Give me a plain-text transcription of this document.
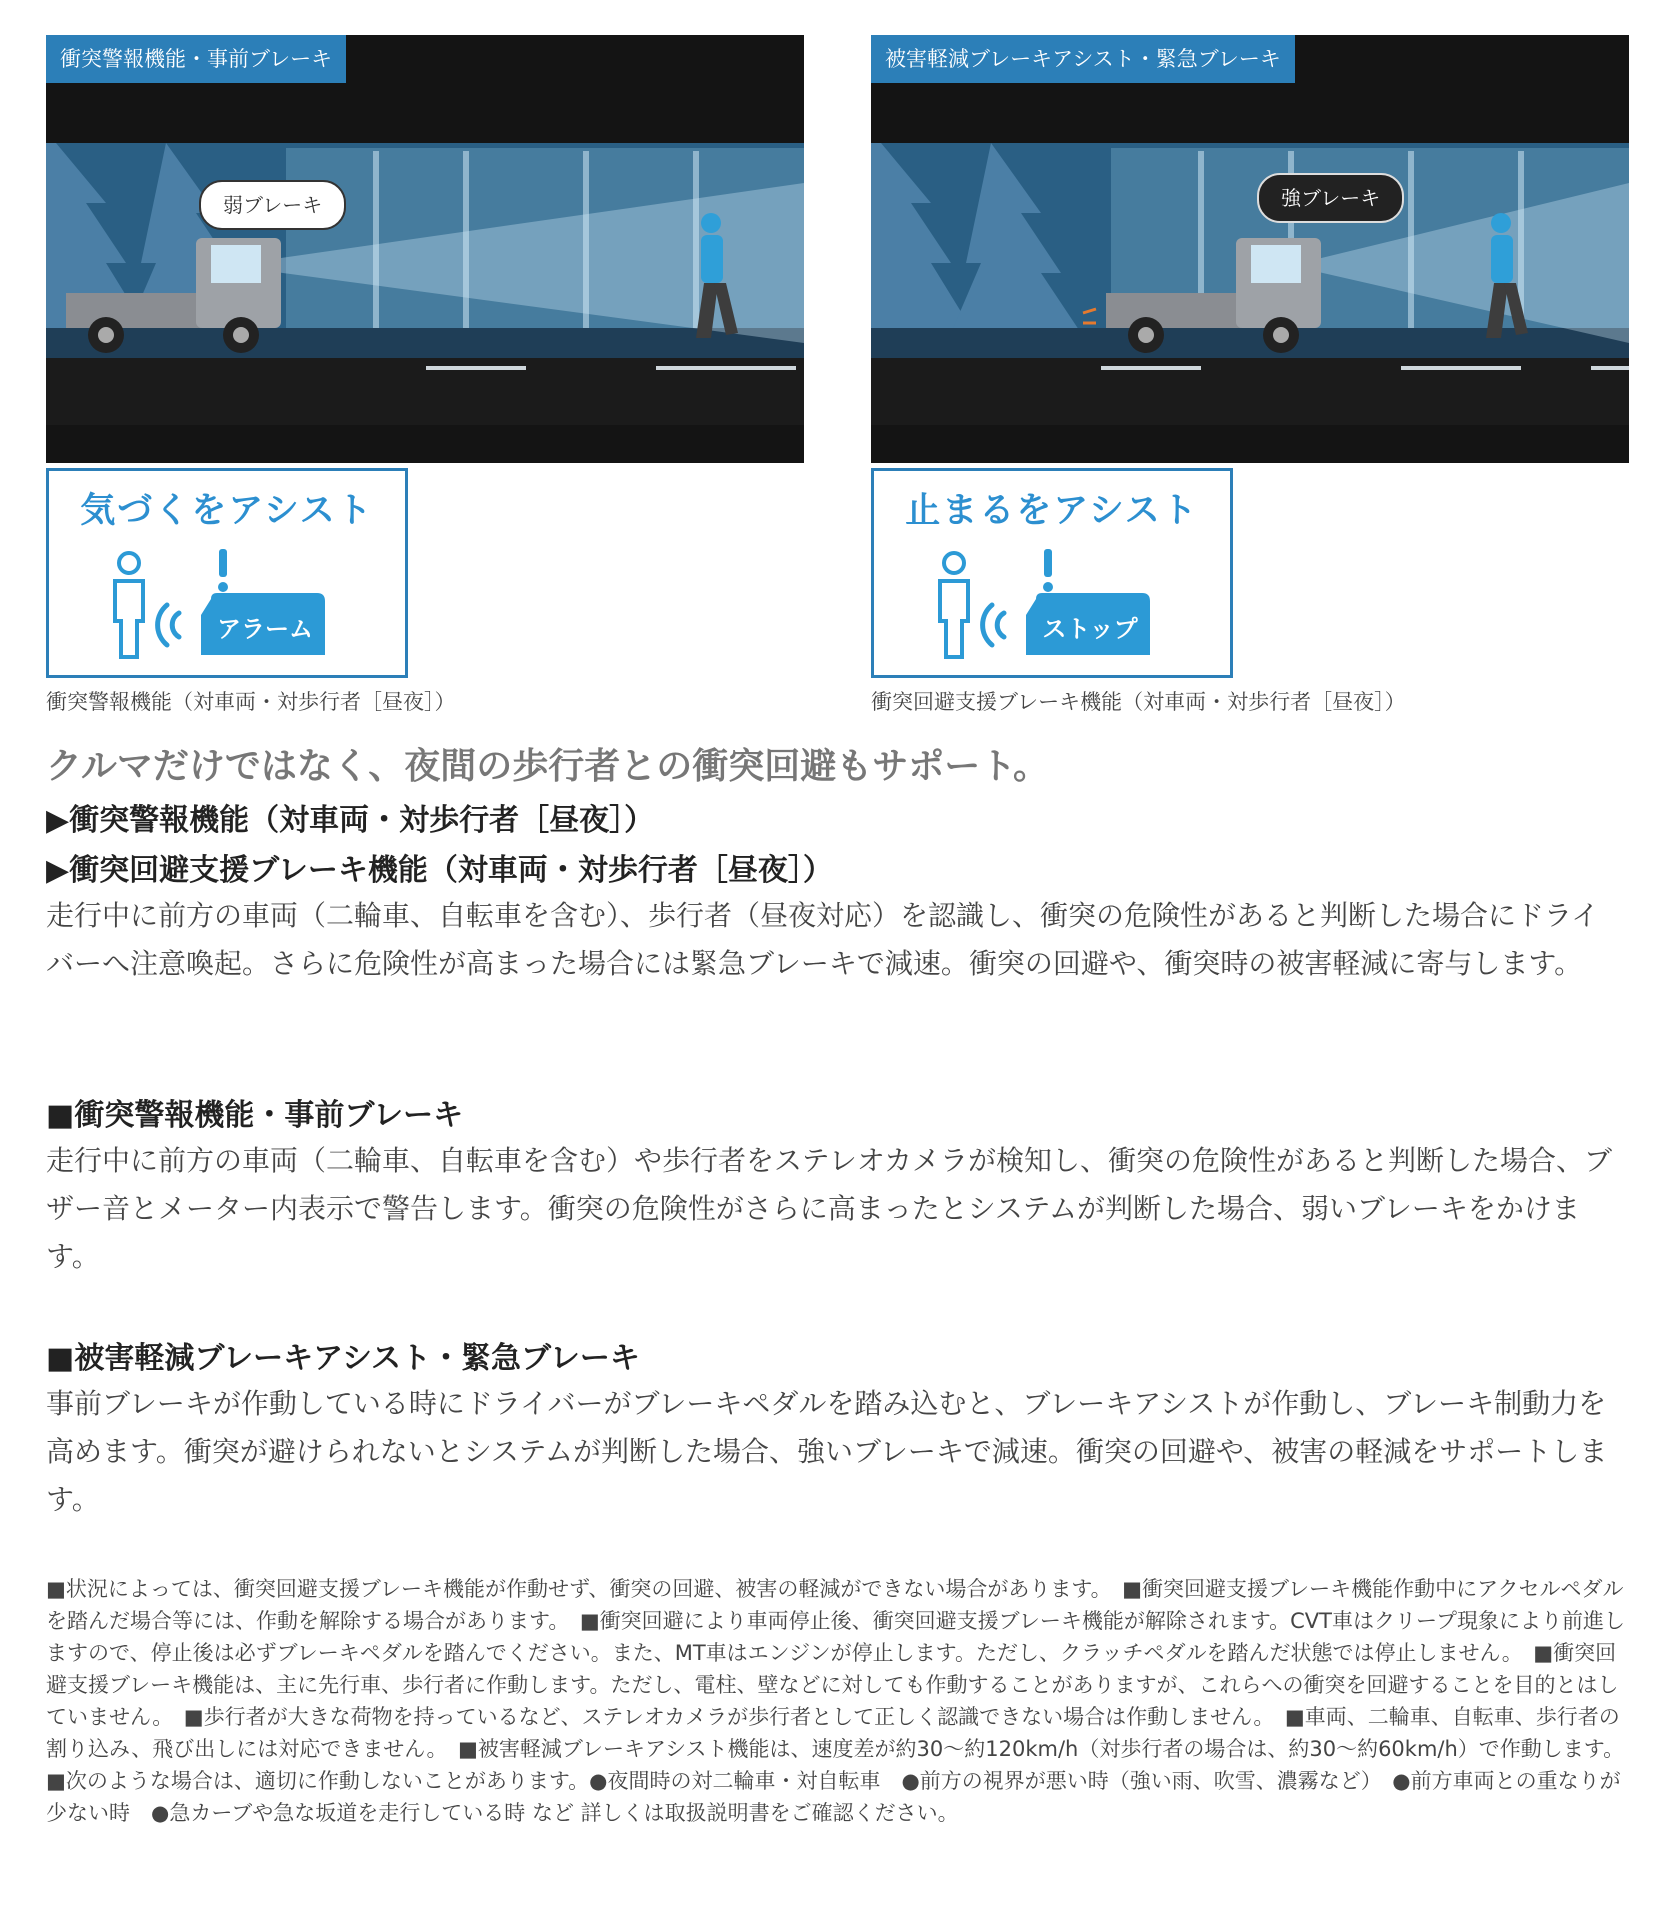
弱ブレーキ
衝突警報機能・事前ブレーキ
強ブレーキ
被害軽減ブレーキアシスト・緊急ブレーキ
気づくをアシスト
アラーム
止まるをアシスト
ストップ
衝突警報機能（対車両・対歩行者［昼夜］）	衝突回避支援ブレーキ機能（対車両・対歩行者［昼夜］）
クルマだけではなく、夜間の歩行者との衝突回避もサポート。
▶衝突警報機能（対車両・対歩行者［昼夜］）
▶衝突回避支援ブレーキ機能（対車両・対歩行者［昼夜］）
走行中に前方の車両（二輪車、自転車を含む）、歩行者（昼夜対応）を認識し、衝突の危険性があると判断した場合にドライバーへ注意喚起。さらに危険性が高まった場合には緊急ブレーキで減速。衝突の回避や、衝突時の被害軽減に寄与します。
■衝突警報機能・事前ブレーキ
走行中に前方の車両（二輪車、自転車を含む）や歩行者をステレオカメラが検知し、衝突の危険性があると判断した場合、ブザー音とメーター内表示で警告します。衝突の危険性がさらに高まったとシステムが判断した場合、弱いブレーキをかけます。
■被害軽減ブレーキアシスト・緊急ブレーキ
事前ブレーキが作動している時にドライバーがブレーキペダルを踏み込むと、ブレーキアシストが作動し、ブレーキ制動力を高めます。衝突が避けられないとシステムが判断した場合、強いブレーキで減速。衝突の回避や、被害の軽減をサポートします。
■状況によっては、衝突回避支援ブレーキ機能が作動せず、衝突の回避、被害の軽減ができない場合があります。　■衝突回避支援ブレーキ機能作動中にアクセルペダルを踏んだ場合等には、作動を解除する場合があります。　■衝突回避により車両停止後、衝突回避支援ブレーキ機能が解除されます。CVT車はクリープ現象により前進しますので、停止後は必ずブレーキペダルを踏んでください。また、MT車はエンジンが停止します。ただし、クラッチペダルを踏んだ状態では停止しません。　■衝突回避支援ブレーキ機能は、主に先行車、歩行者に作動します。ただし、電柱、壁などに対しても作動することがありますが、これらへの衝突を回避することを目的とはしていません。　■歩行者が大きな荷物を持っているなど、ステレオカメラが歩行者として正しく認識できない場合は作動しません。　■車両、二輪車、自転車、歩行者の割り込み、飛び出しには対応できません。　■被害軽減ブレーキアシスト機能は、速度差が約30～約120km/h（対歩行者の場合は、約30～約60km/h）で作動します。　■次のような場合は、適切に作動しないことがあります。●夜間時の対二輪車・対自転車　●前方の視界が悪い時（強い雨、吹雪、濃霧など）　●前方車両との重なりが少ない時　●急カーブや急な坂道を走行している時 など 詳しくは取扱説明書をご確認ください。
